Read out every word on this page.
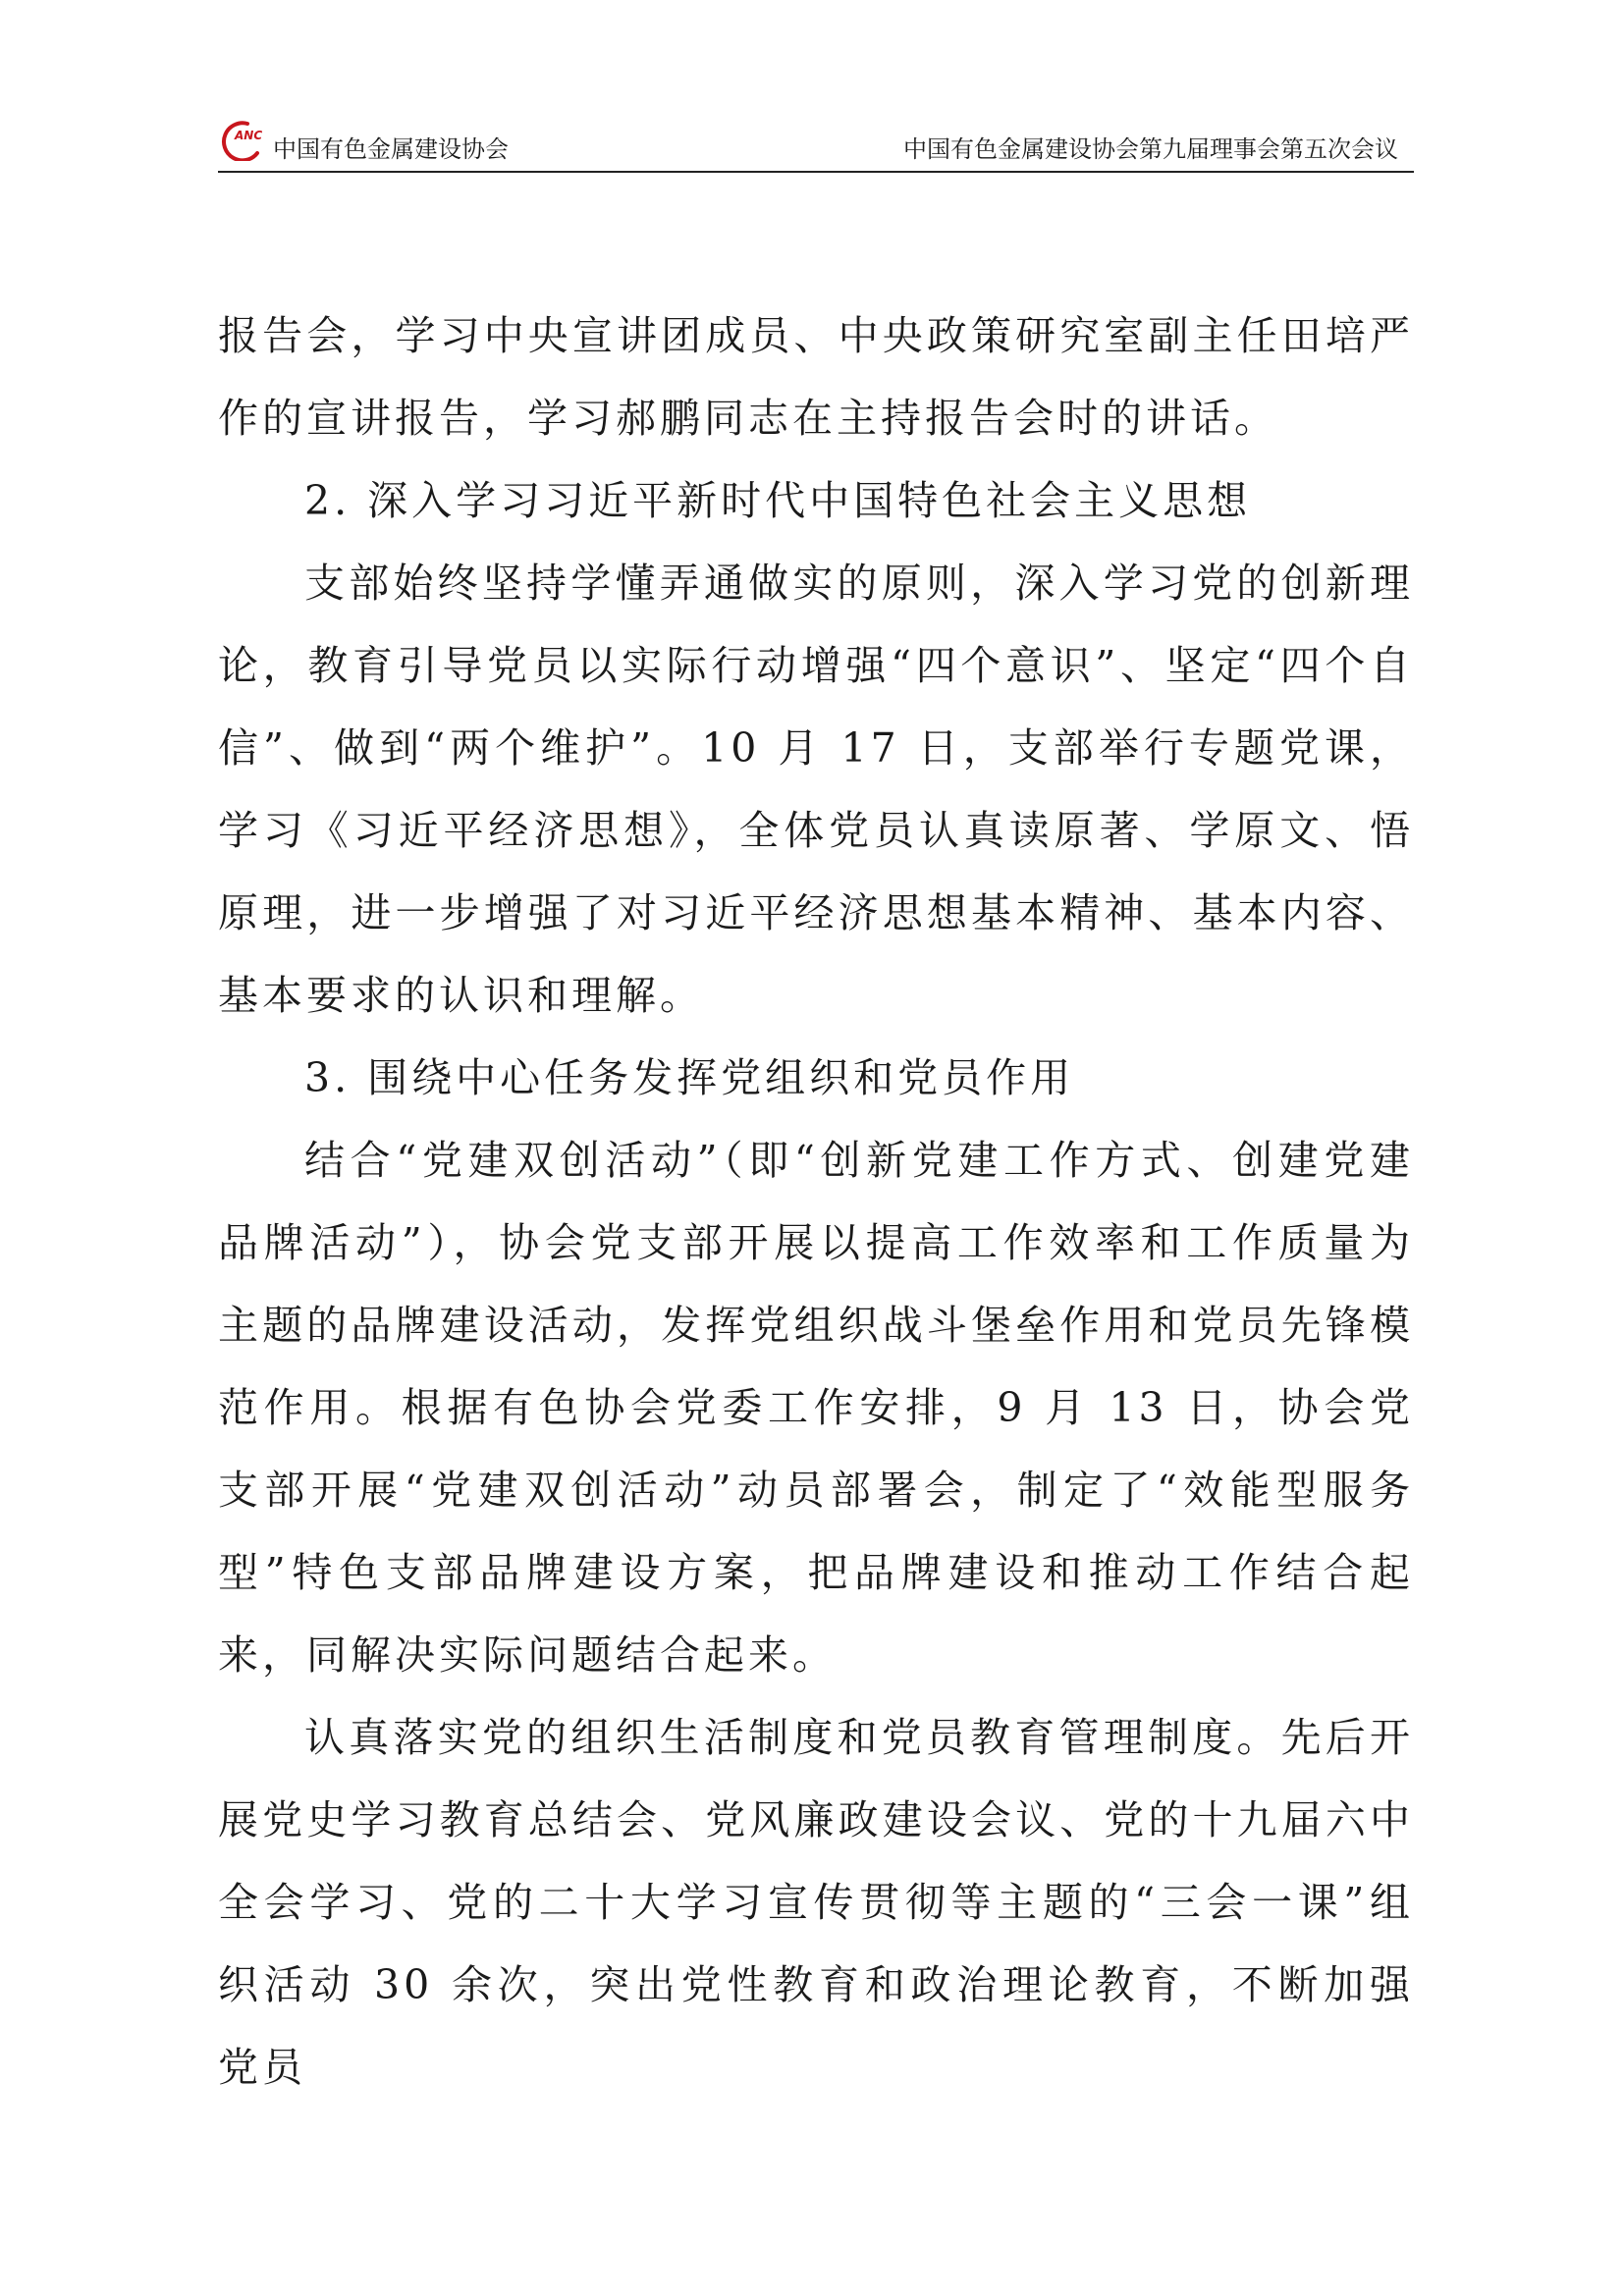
ANC 中国有色金属建设协会	中国有色金属建设协会第九届理事会第五次会议

报告会，学习中央宣讲团成员、中央政策研究室副主任田培严作的宣讲报告，学习郝鹏同志在主持报告会时的讲话。

2. 深入学习习近平新时代中国特色社会主义思想

支部始终坚持学懂弄通做实的原则，深入学习党的创新理论，教育引导党员以实际行动增强“四个意识”、坚定“四个自信”、做到“两个维护”。10 月 17 日，支部举行专题党课，学习《习近平经济思想》，全体党员认真读原著、学原文、悟原理，进一步增强了对习近平经济思想基本精神、基本内容、基本要求的认识和理解。

3. 围绕中心任务发挥党组织和党员作用

结合“党建双创活动”（即“创新党建工作方式、创建党建品牌活动”），协会党支部开展以提高工作效率和工作质量为主题的品牌建设活动，发挥党组织战斗堡垒作用和党员先锋模范作用。根据有色协会党委工作安排，9 月 13 日，协会党支部开展“党建双创活动”动员部署会，制定了“效能型服务型”特色支部品牌建设方案，把品牌建设和推动工作结合起来，同解决实际问题结合起来。

认真落实党的组织生活制度和党员教育管理制度。先后开展党史学习教育总结会、党风廉政建设会议、党的十九届六中全会学习、党的二十大学习宣传贯彻等主题的“三会一课”组织活动 30 余次，突出党性教育和政治理论教育，不断加强党员
